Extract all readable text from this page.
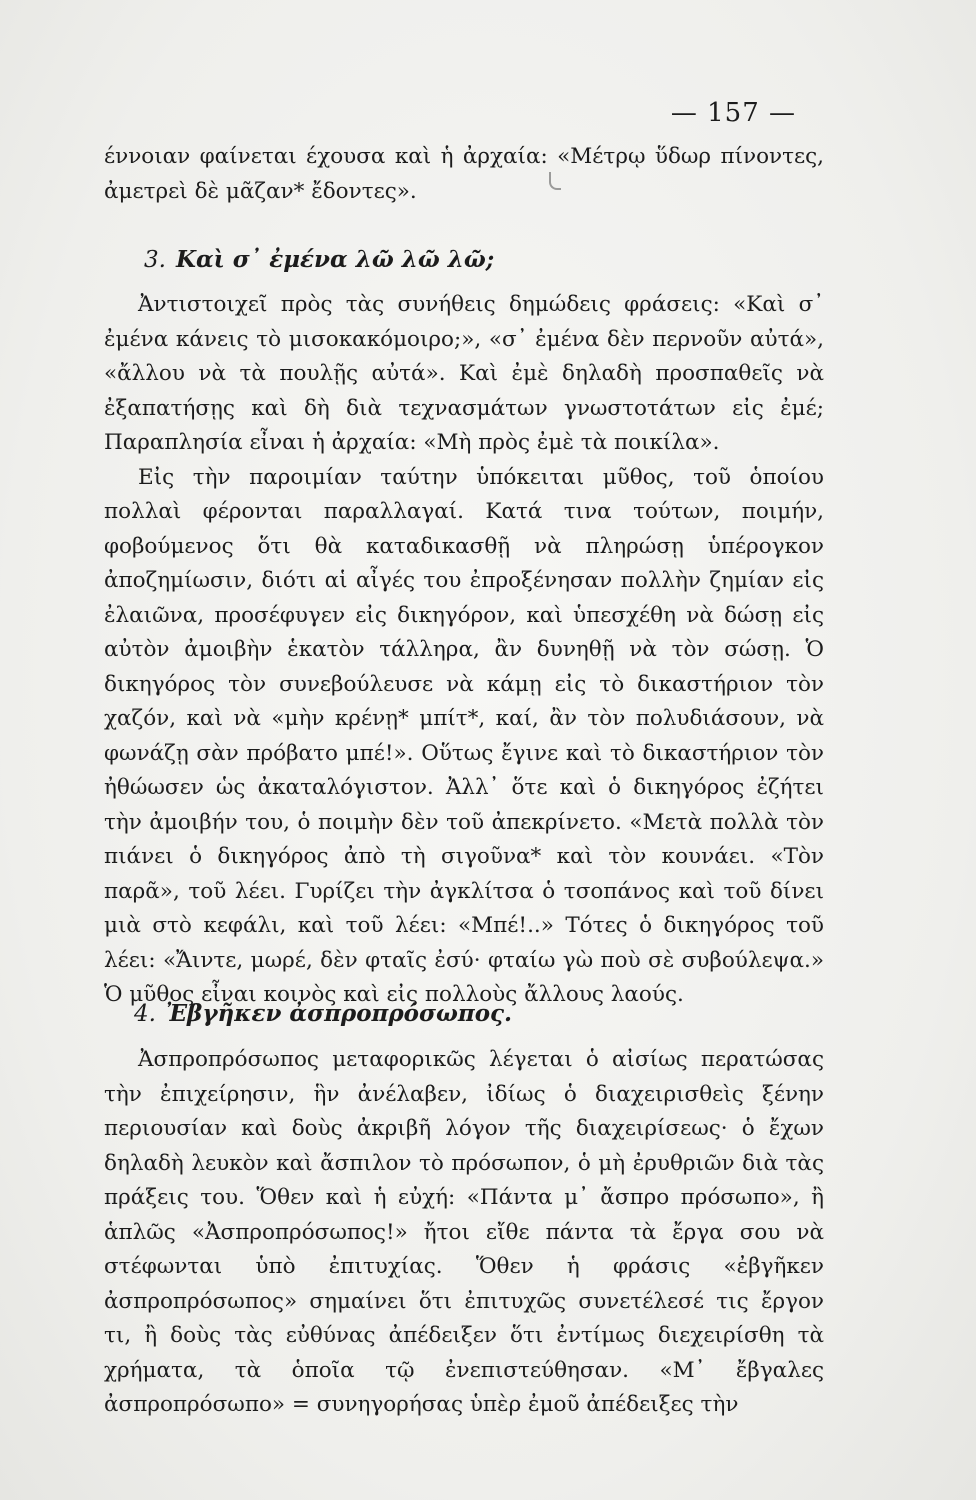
— 157 —

έννοιαν φαίνεται έχουσα καὶ ἡ ἀρχαία: «Μέτρῳ ὕδωρ πίνοντες, ἀμετρεὶ δὲ μᾶζαν* ἔδοντες».

3. Καὶ σ᾽ ἐμένα λῶ λῶ λῶ;

Ἀντιστοιχεῖ πρὸς τὰς συνήθεις δημώδεις φράσεις: «Καὶ σ᾽ ἐμένα κάνεις τὸ μισοκακόμοιρο;», «σ᾽ ἐμένα δὲν περνοῦν αὐτά», «ἄλλου νὰ τὰ πουλῇς αὐτά». Καὶ ἐμὲ δηλαδὴ προσπαθεῖς νὰ ἐξαπατήσῃς καὶ δὴ διὰ τεχνασμάτων γνωστοτάτων εἰς ἐμέ; Παραπλησία εἶναι ἡ ἀρχαία: «Μὴ πρὸς ἐμὲ τὰ ποικίλα».

Εἰς τὴν παροιμίαν ταύτην ὑπόκειται μῦθος, τοῦ ὁποίου πολλαὶ φέρονται παραλλαγαί. Κατά τινα τούτων, ποιμήν, φοβούμενος ὅτι θὰ καταδικασθῇ νὰ πληρώσῃ ὑπέρογκον ἀποζημίωσιν, διότι αἱ αἶγές του ἐπροξένησαν πολλὴν ζημίαν εἰς ἐλαιῶνα, προσέφυγεν εἰς δικηγόρον, καὶ ὑπεσχέθη νὰ δώσῃ εἰς αὐτὸν ἀμοιβὴν ἑκατὸν τάλληρα, ἂν δυνηθῇ νὰ τὸν σώσῃ. Ὁ δικηγόρος τὸν συνεβούλευσε νὰ κάμῃ εἰς τὸ δικαστήριον τὸν χαζόν, καὶ νὰ «μὴν κρένῃ* μπίτ*, καί, ἂν τὸν πολυδιάσουν, νὰ φωνάζῃ σὰν πρόβατο μπέ!». Οὕτως ἔγινε καὶ τὸ δικαστήριον τὸν ἠθώωσεν ὡς ἀκαταλόγιστον. Ἀλλ᾽ ὅτε καὶ ὁ δικηγόρος ἐζήτει τὴν ἀμοιβήν του, ὁ ποιμὴν δὲν τοῦ ἀπεκρίνετο. «Μετὰ πολλὰ τὸν πιάνει ὁ δικηγόρος ἀπὸ τὴ σιγοῦνα* καὶ τὸν κουνάει. «Τὸν παρᾶ», τοῦ λέει. Γυρίζει τὴν ἀγκλίτσα ὁ τσοπάνος καὶ τοῦ δίνει μιὰ στὸ κεφάλι, καὶ τοῦ λέει: «Μπέ!..» Τότες ὁ δικηγόρος τοῦ λέει: «Ἄιντε, μωρέ, δὲν φταῖς ἐσύ· φταίω γὼ ποὺ σὲ συβούλεψα.» Ὁ μῦθος εἶναι κοινὸς καὶ εἰς πολλοὺς ἄλλους λαούς.

4. Ἐβγῆκεν ἀσπροπρόσωπος.

Ἀσπροπρόσωπος μεταφορικῶς λέγεται ὁ αἰσίως περατώσας τὴν ἐπιχείρησιν, ἣν ἀνέλαβεν, ἰδίως ὁ διαχειρισθεὶς ξένην περιουσίαν καὶ δοὺς ἀκριβῆ λόγον τῆς διαχειρίσεως· ὁ ἔχων δηλαδὴ λευκὸν καὶ ἄσπιλον τὸ πρόσωπον, ὁ μὴ ἐρυθριῶν διὰ τὰς πράξεις του. Ὅθεν καὶ ἡ εὐχή: «Πάντα μ᾽ ἄσπρο πρόσωπο», ἢ ἁπλῶς «Ἀσπροπρόσωπος!» ἤτοι εἴθε πάντα τὰ ἔργα σου νὰ στέφωνται ὑπὸ ἐπιτυχίας. Ὅθεν ἡ φράσις «ἐβγῆκεν ἀσπροπρόσωπος» σημαίνει ὅτι ἐπιτυχῶς συνετέλεσέ τις ἔργον τι, ἢ δοὺς τὰς εὐθύνας ἀπέδειξεν ὅτι ἐντίμως διεχειρίσθη τὰ χρήματα, τὰ ὁποῖα τῷ ἐνεπιστεύθησαν. «Μ᾽ ἔβγαλες ἀσπροπρόσωπο» = συνηγορήσας ὑπὲρ ἐμοῦ ἀπέδειξες τὴν
